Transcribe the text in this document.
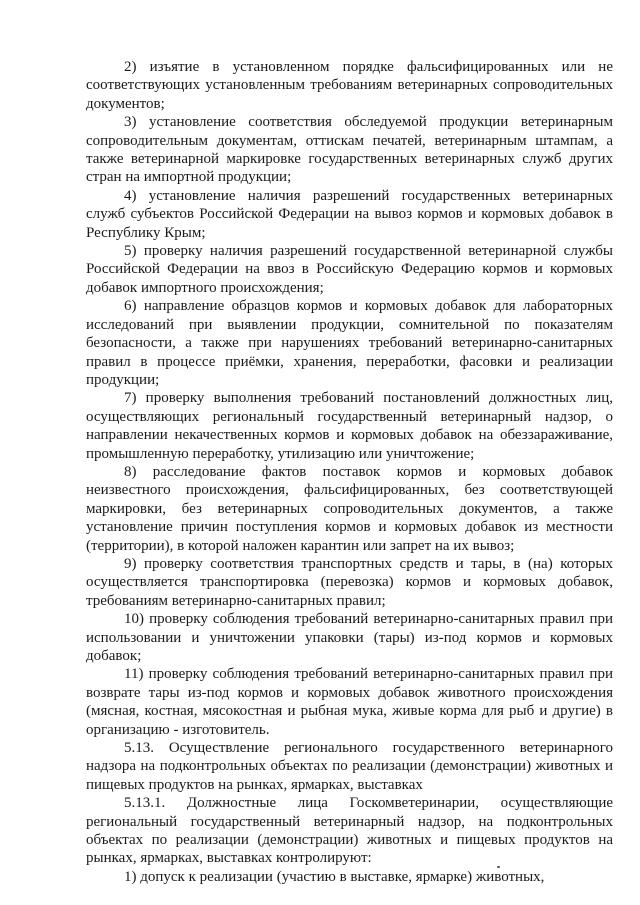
2) изъятие в установленном порядке фальсифицированных или не соответствующих установленным требованиям ветеринарных сопроводительных документов;

3) установление соответствия обследуемой продукции ветеринарным сопроводительным документам, оттискам печатей, ветеринарным штампам, а также ветеринарной маркировке государственных ветеринарных служб других стран на импортной продукции;

4) установление наличия разрешений государственных ветеринарных служб субъектов Российской Федерации на вывоз кормов и кормовых добавок в Республику Крым;

5) проверку наличия разрешений государственной ветеринарной службы Российской Федерации на ввоз в Российскую Федерацию кормов и кормовых добавок импортного происхождения;

6) направление образцов кормов и кормовых добавок для лабораторных исследований при выявлении продукции, сомнительной по показателям безопасности, а также при нарушениях требований ветеринарно-санитарных правил в процессе приёмки, хранения, переработки, фасовки и реализации продукции;

7) проверку выполнения требований постановлений должностных лиц, осуществляющих региональный государственный ветеринарный надзор, о направлении некачественных кормов и кормовых добавок на обеззараживание, промышленную переработку, утилизацию или уничтожение;

8) расследование фактов поставок кормов и кормовых добавок неизвестного происхождения, фальсифицированных, без соответствующей маркировки, без ветеринарных сопроводительных документов, а также установление причин поступления кормов и кормовых добавок из местности (территории), в которой наложен карантин или запрет на их вывоз;

9) проверку соответствия транспортных средств и тары, в (на) которых осуществляется транспортировка (перевозка) кормов и кормовых добавок, требованиям ветеринарно-санитарных правил;

10) проверку соблюдения требований ветеринарно-санитарных правил при использовании и уничтожении упаковки (тары) из-под кормов и кормовых добавок;

11) проверку соблюдения требований ветеринарно-санитарных правил при возврате тары из-под кормов и кормовых добавок животного происхождения (мясная, костная, мясокостная и рыбная мука, живые корма для рыб и другие) в организацию - изготовитель.

5.13. Осуществление регионального государственного ветеринарного надзора на подконтрольных объектах по реализации (демонстрации) животных и пищевых продуктов на рынках, ярмарках, выставках

5.13.1. Должностные лица Госкомветеринарии, осуществляющие региональный государственный ветеринарный надзор, на подконтрольных объектах по реализации (демонстрации) животных и пищевых продуктов на рынках, ярмарках, выставках контролируют:

1) допуск к реализации (участию в выставке, ярмарке) животных,
